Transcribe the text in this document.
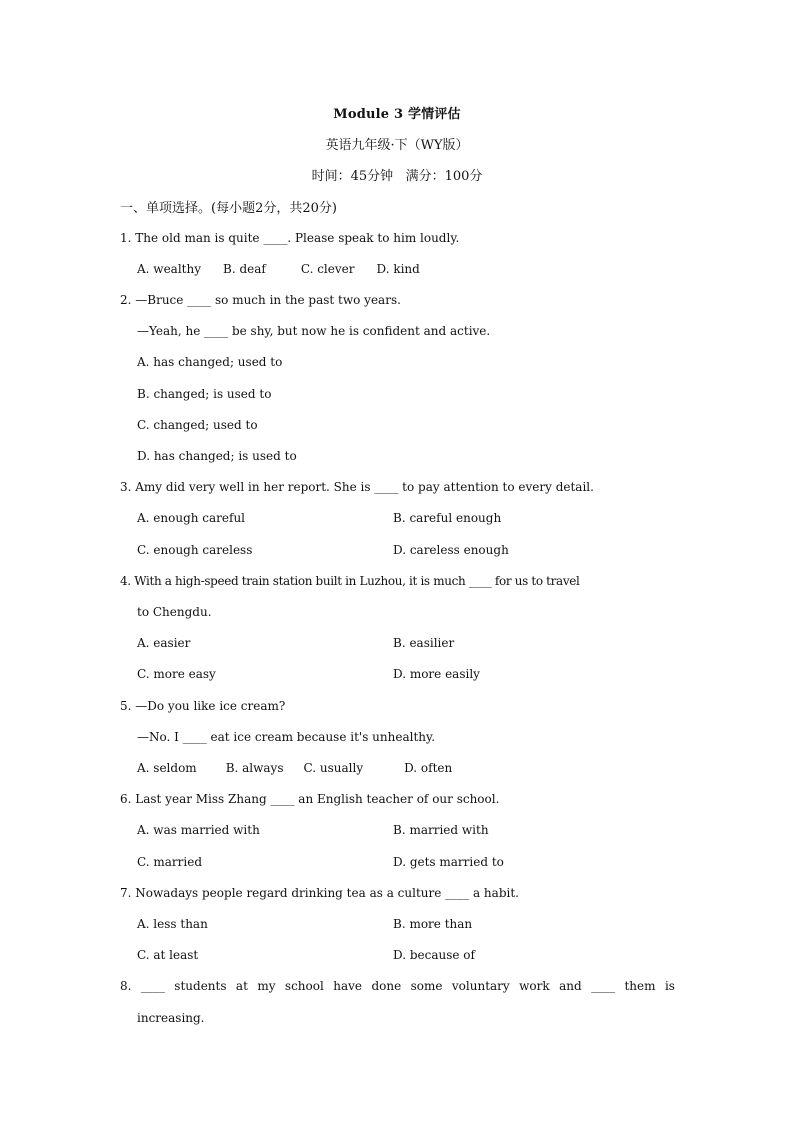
Module 3 学情评估
英语九年级·下（WY版）
时间：45分钟 满分：100分
一、单项选择。(每小题2分，共20分)
1. The old man is quite ____. Please speak to him loudly.
A. wealthy B. deaf	C. clever D. kind
2. —Bruce ____ so much in the past two years.
—Yeah, he ____ be shy, but now he is confident and active.
A. has changed; used to
B. changed; is used to
C. changed; used to
D. has changed; is used to
3. Amy did very well in her report. She is ____ to pay attention to every detail.
A. enough careful	B. careful enough
C. enough careless	D. careless enough
4. With a high-speed train station built in Luzhou, it is much ____ for us to travel
to Chengdu.
A. easier	B. easilier
C. more easy	D. more easily
5. —Do you like ice cream?
—No. I ____ eat ice cream because it's unhealthy.
A. seldom B. always C. usually	D. often
6. Last year Miss Zhang ____ an English teacher of our school.
A. was married with	B. married with
C. married	D. gets married to
7. Nowadays people regard drinking tea as a culture ____ a habit.
A. less than	B. more than
C. at least	D. because of
8. ____ students at my school have done some voluntary work and ____ them is
increasing.
